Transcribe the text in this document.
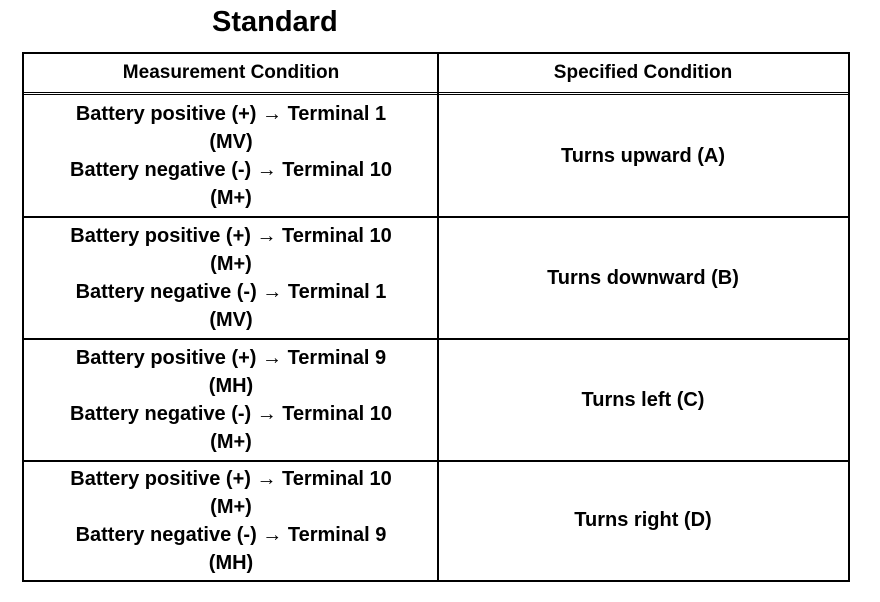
Standard
Measurement Condition	Specified Condition
Battery positive (+) → Terminal 1
(MV)
Battery negative (-) → Terminal 10
(M+)
Turns upward (A)
Battery positive (+) → Terminal 10
(M+)
Battery negative (-) → Terminal 1
(MV)
Turns downward (B)
Battery positive (+) → Terminal 9
(MH)
Battery negative (-) → Terminal 10
(M+)
Turns left (C)
Battery positive (+) → Terminal 10
(M+)
Battery negative (-) → Terminal 9
(MH)
Turns right (D)
